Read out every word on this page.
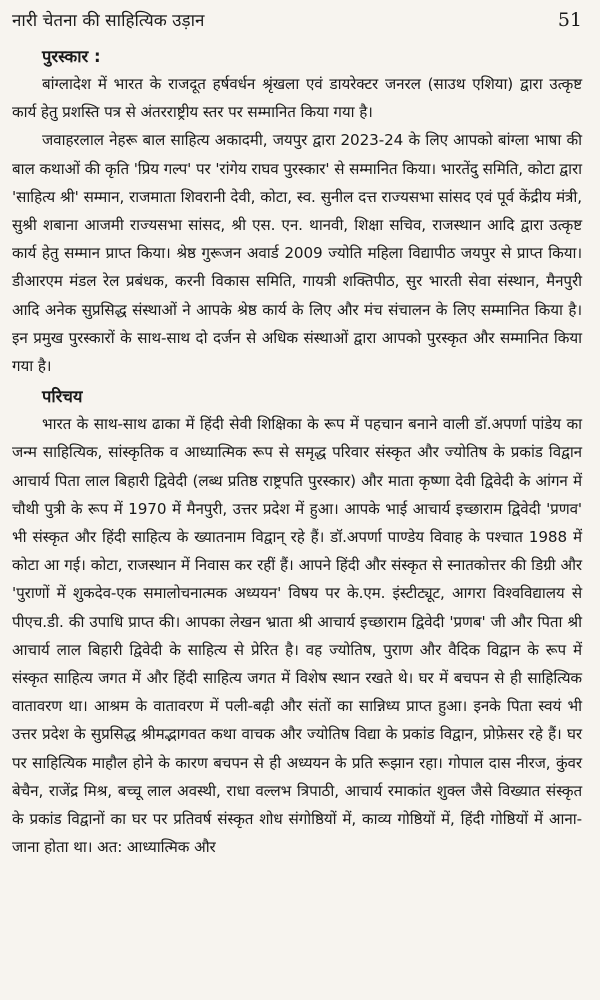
नारी चेतना की साहित्यिक उड़ान	51
पुरस्कार :

बांग्लादेश में भारत के राजदूत हर्षवर्धन श्रृंखला एवं डायरेक्टर जनरल (साउथ एशिया) द्वारा उत्कृष्ट कार्य हेतु प्रशस्ति पत्र से अंतरराष्ट्रीय स्तर पर सम्मानित किया गया है।

जवाहरलाल नेहरू बाल साहित्य अकादमी, जयपुर द्वारा 2023-24 के लिए आपको बांग्ला भाषा की बाल कथाओं की कृति 'प्रिय गल्प' पर 'रांगेय राघव पुरस्कार' से सम्मानित किया। भारतेंदु समिति, कोटा द्वारा 'साहित्य श्री' सम्मान, राजमाता शिवरानी देवी, कोटा, स्व. सुनील दत्त राज्यसभा सांसद एवं पूर्व केंद्रीय मंत्री, सुश्री शबाना आजमी राज्यसभा सांसद, श्री एस. एन. थानवी, शिक्षा सचिव, राजस्थान आदि द्वारा उत्कृष्ट कार्य हेतु सम्मान प्राप्त किया। श्रेष्ठ गुरूजन अवार्ड 2009 ज्योति महिला विद्यापीठ जयपुर से प्राप्त किया। डीआरएम मंडल रेल प्रबंधक, करनी विकास समिति, गायत्री शक्तिपीठ, सुर भारती सेवा संस्थान, मैनपुरी आदि अनेक सुप्रसिद्ध संस्थाओं ने आपके श्रेष्ठ कार्य के लिए और मंच संचालन के लिए सम्मानित किया है। इन प्रमुख पुरस्कारों के साथ-साथ दो दर्जन से अधिक संस्थाओं द्वारा आपको पुरस्कृत और सम्मानित किया गया है।

परिचय

भारत के साथ-साथ ढाका में हिंदी सेवी शिक्षिका के रूप में पहचान बनाने वाली डॉ.अपर्णा पांडेय का जन्म साहित्यिक, सांस्कृतिक व आध्यात्मिक रूप से समृद्ध परिवार संस्कृत और ज्योतिष के प्रकांड विद्वान आचार्य पिता लाल बिहारी द्विवेदी (लब्ध प्रतिष्ठ राष्ट्रपति पुरस्कार) और माता कृष्णा देवी द्विवेदी के आंगन में चौथी पुत्री के रूप में 1970 में मैनपुरी, उत्तर प्रदेश में हुआ। आपके भाई आचार्य इच्छाराम द्विवेदी 'प्रणव' भी संस्कृत और हिंदी साहित्य के ख्यातनाम विद्वान् रहे हैं। डॉ.अपर्णा पाण्डेय विवाह के पश्चात 1988 में कोटा आ गई। कोटा, राजस्थान में निवास कर रहीं हैं। आपने हिंदी और संस्कृत से स्नातकोत्तर की डिग्री और 'पुराणों में शुकदेव-एक समालोचनात्मक अध्ययन' विषय पर के.एम. इंस्टीट्यूट, आगरा विश्वविद्यालय से पीएच.डी. की उपाधि प्राप्त की। आपका लेखन भ्राता श्री आचार्य इच्छाराम द्विवेदी 'प्रणब' जी और पिता श्री आचार्य लाल बिहारी द्विवेदी के साहित्य से प्रेरित है। वह ज्योतिष, पुराण और वैदिक विद्वान के रूप में संस्कृत साहित्य जगत में और हिंदी साहित्य जगत में विशेष स्थान रखते थे। घर में बचपन से ही साहित्यिक वातावरण था। आश्रम के वातावरण में पली-बढ़ी और संतों का सान्निध्य प्राप्त हुआ। इनके पिता स्वयं भी उत्तर प्रदेश के सुप्रसिद्ध श्रीमद्भागवत कथा वाचक और ज्योतिष विद्या के प्रकांड विद्वान, प्रोफ़ेसर रहे हैं। घर पर साहित्यिक माहौल होने के कारण बचपन से ही अध्ययन के प्रति रूझान रहा। गोपाल दास नीरज, कुंवर बेचैन, राजेंद्र मिश्र, बच्चू लाल अवस्थी, राधा वल्लभ त्रिपाठी, आचार्य रमाकांत शुक्ल जैसे विख्यात संस्कृत के प्रकांड विद्वानों का घर पर प्रतिवर्ष संस्कृत शोध संगोष्ठियों में, काव्य गोष्ठियों में, हिंदी गोष्ठियों में आना-जाना होता था। अत: आध्यात्मिक और
